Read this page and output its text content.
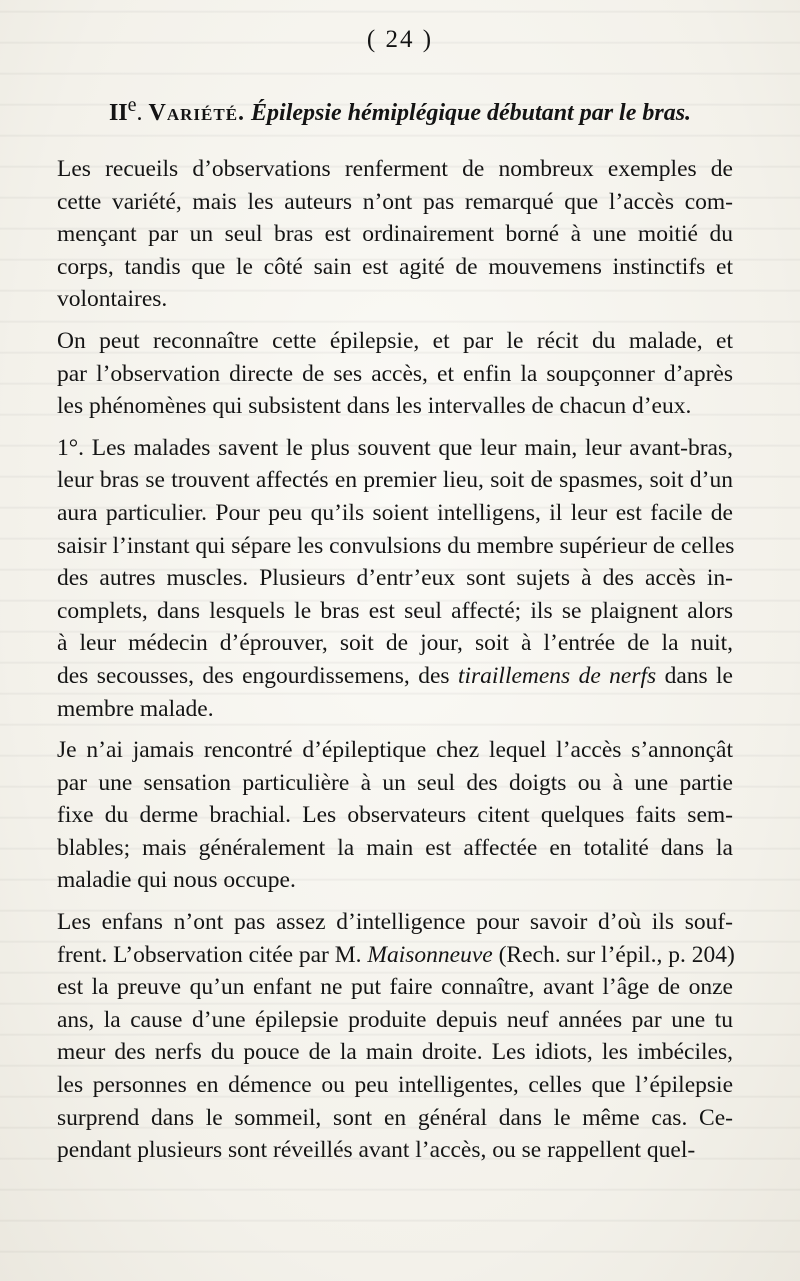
( 24 )
IIe. Variété. Épilepsie hémiplégique débutant par le bras.
Les recueils d’observations renferment de nombreux exemples de
cette variété, mais les auteurs n’ont pas remarqué que l’accès com-
mençant par un seul bras est ordinairement borné à une moitié du
corps, tandis que le côté sain est agité de mouvemens instinctifs et
volontaires.
On peut reconnaître cette épilepsie, et par le récit du malade, et
par l’observation directe de ses accès, et enfin la soupçonner d’après
les phénomènes qui subsistent dans les intervalles de chacun d’eux.
1°. Les malades savent le plus souvent que leur main, leur avant-bras,
leur bras se trouvent affectés en premier lieu, soit de spasmes, soit d’un
aura particulier. Pour peu qu’ils soient intelligens, il leur est facile de
saisir l’instant qui sépare les convulsions du membre supérieur de celles
des autres muscles. Plusieurs d’entr’eux sont sujets à des accès in-
complets, dans lesquels le bras est seul affecté; ils se plaignent alors
à leur médecin d’éprouver, soit de jour, soit à l’entrée de la nuit,
des secousses, des engourdissemens, des tiraillemens de nerfs dans le
membre malade.
Je n’ai jamais rencontré d’épileptique chez lequel l’accès s’annonçât
par une sensation particulière à un seul des doigts ou à une partie
fixe du derme brachial. Les observateurs citent quelques faits sem-
blables; mais généralement la main est affectée en totalité dans la
maladie qui nous occupe.
Les enfans n’ont pas assez d’intelligence pour savoir d’où ils souf-
frent. L’observation citée par M. Maisonneuve (Rech. sur l’épil., p. 204)
est la preuve qu’un enfant ne put faire connaître, avant l’âge de onze
ans, la cause d’une épilepsie produite depuis neuf années par une tu
meur des nerfs du pouce de la main droite. Les idiots, les imbéciles,
les personnes en démence ou peu intelligentes, celles que l’épilepsie
surprend dans le sommeil, sont en général dans le même cas. Ce-
pendant plusieurs sont réveillés avant l’accès, ou se rappellent quel-
